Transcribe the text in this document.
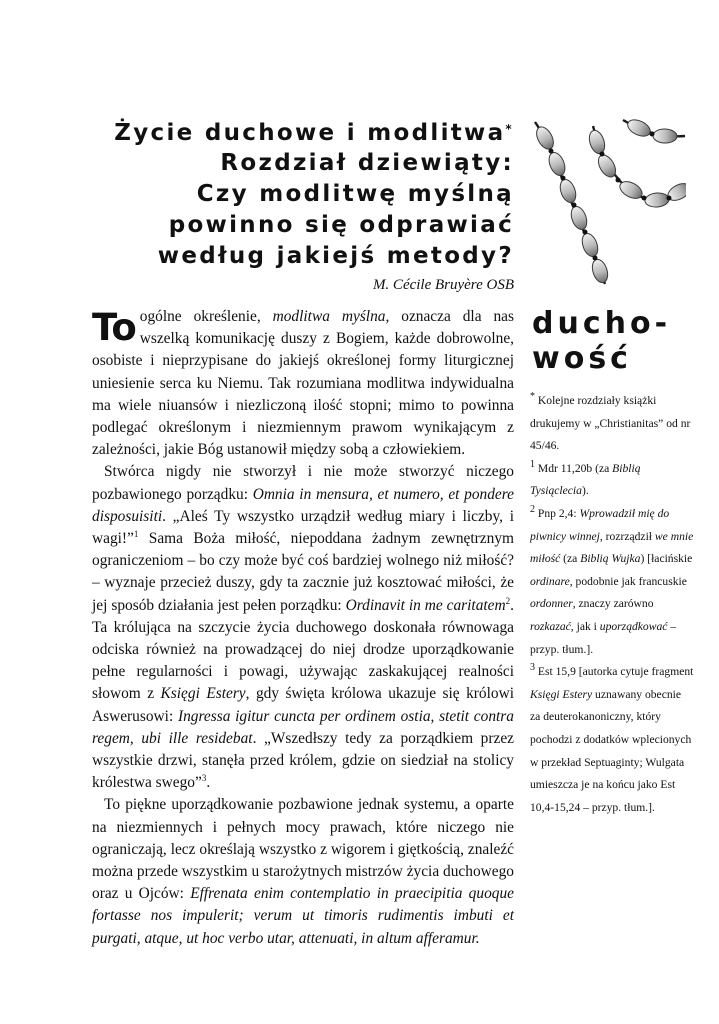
Życie duchowe i modlitwa*
Rozdział dziewiąty:
Czy modlitwę myślną
powinno się odprawiać
według jakiejś metody?
M. Cécile Bruyère OSB

To ogólne określenie, modlitwa myślna, oznacza dla nas wszelką komunikację duszy z Bogiem, każde dobrowolne, osobiste i nieprzypisane do jakiejś określonej formy liturgicznej uniesienie serca ku Niemu. Tak rozumiana modlitwa indywidualna ma wiele niuansów i niezliczoną ilość stopni; mimo to powinna podlegać określonym i niezmiennym prawom wynikającym z zależności, jakie Bóg ustanowił między sobą a człowiekiem.

Stwórca nigdy nie stworzył i nie może stworzyć niczego pozbawionego porządku: Omnia in mensura, et numero, et pondere disposuisiti. „Aleś Ty wszystko urządził według miary i liczby, i wagi!”$^1$ Sama Boża miłość, niepoddana żadnym zewnętrznym ograniczeniom – bo czy może być coś bardziej wolnego niż miłość? – wyznaje przecież duszy, gdy ta zacznie już kosztować miłości, że jej sposób działania jest pełen porządku: Ordinavit in me caritatem$^2$. Ta królująca na szczycie życia duchowego doskonała równowaga odciska również na prowadzącej do niej drodze uporządkowanie pełne regularności i powagi, używając zaskakującej realności słowom z Księgi Estery, gdy święta królowa ukazuje się królowi Aswerusowi: Ingressa igitur cuncta per ordinem ostia, stetit contra regem, ubi ille residebat. „Wszedłszy tedy za porządkiem przez wszystkie drzwi, stanęła przed królem, gdzie on siedział na stolicy królestwa swego”$^3$.

To piękne uporządkowanie pozbawione jednak systemu, a oparte na niezmiennych i pełnych mocy prawach, które niczego nie ograniczają, lecz określają wszystko z wigorem i giętkością, znaleźć można przede wszystkim u starożytnych mistrzów życia duchowego oraz u Ojców: Effrenata enim contemplatio in praecipitia quoque fortasse nos impulerit; verum ut timoris rudimentis imbuti et purgati, atque, ut hoc verbo utar, attenuati, in altum afferamur.

ducho-
wość

* Kolejne rozdziały książki drukujemy w „Christianitas” od nr 45/46.

$^1$ Mdr 11,20b (za Biblią Tysiąclecia).

$^2$ Pnp 2,4: Wprowadził mię do piwnicy winnej, rozrządził we mnie miłość (za Biblią Wujka) [łacińskie ordinare, podobnie jak francuskie ordonner, znaczy zarówno rozkazać, jak i uporządkować – przyp. tłum.].

$^3$ Est 15,9 [autorka cytuje fragment Księgi Estery uznawany obecnie za deuterokanoniczny, który pochodzi z dodatków wplecionych w przekład Septuaginty; Wulgata umieszcza je na końcu jako Est 10,4-15,24 – przyp. tłum.].
